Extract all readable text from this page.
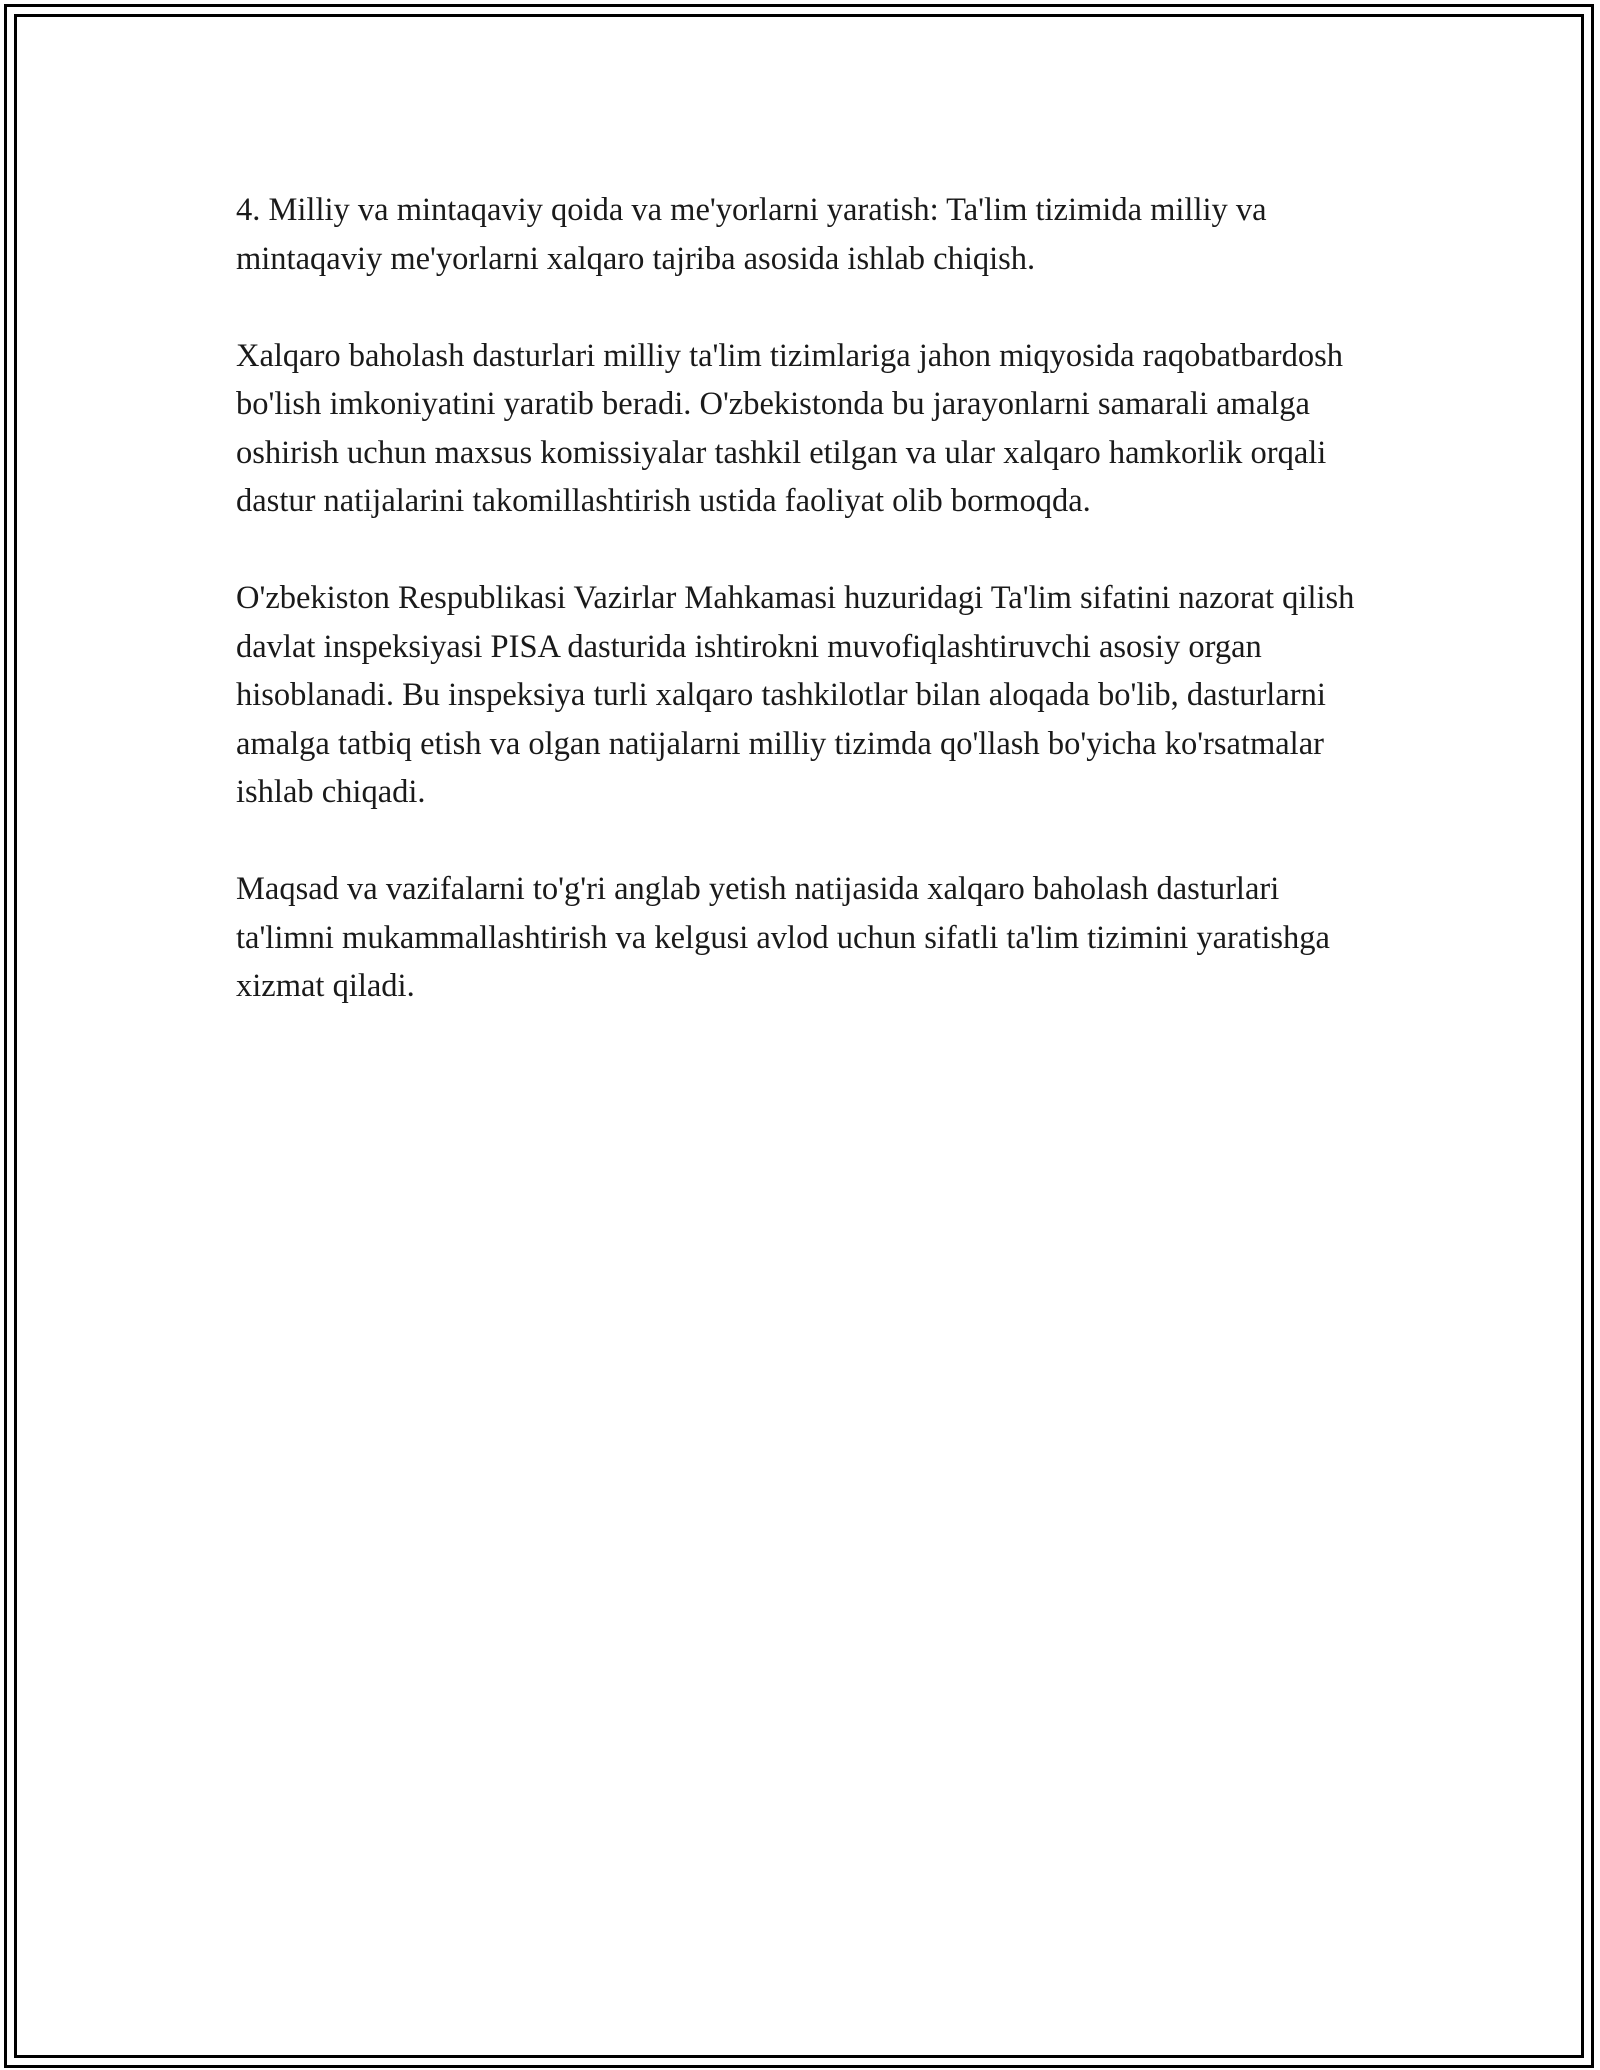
4. Milliy va mintaqaviy qoida va me'yorlarni yaratish: Ta'lim tizimida milliy va mintaqaviy me'yorlarni xalqaro tajriba asosida ishlab chiqish.

Xalqaro baholash dasturlari milliy ta'lim tizimlariga jahon miqyosida raqobatbardosh bo'lish imkoniyatini yaratib beradi. O'zbekistonda bu jarayonlarni samarali amalga oshirish uchun maxsus komissiyalar tashkil etilgan va ular xalqaro hamkorlik orqali dastur natijalarini takomillashtirish ustida faoliyat olib bormoqda.

O'zbekiston Respublikasi Vazirlar Mahkamasi huzuridagi Ta'lim sifatini nazorat qilish davlat inspeksiyasi PISA dasturida ishtirokni muvofiqlashtiruvchi asosiy organ hisoblanadi. Bu inspeksiya turli xalqaro tashkilotlar bilan aloqada bo'lib, dasturlarni amalga tatbiq etish va olgan natijalarni milliy tizimda qo'llash bo'yicha ko'rsatmalar ishlab chiqadi.

Maqsad va vazifalarni to'g'ri anglab yetish natijasida xalqaro baholash dasturlari ta'limni mukammallashtirish va kelgusi avlod uchun sifatli ta'lim tizimini yaratishga xizmat qiladi.
